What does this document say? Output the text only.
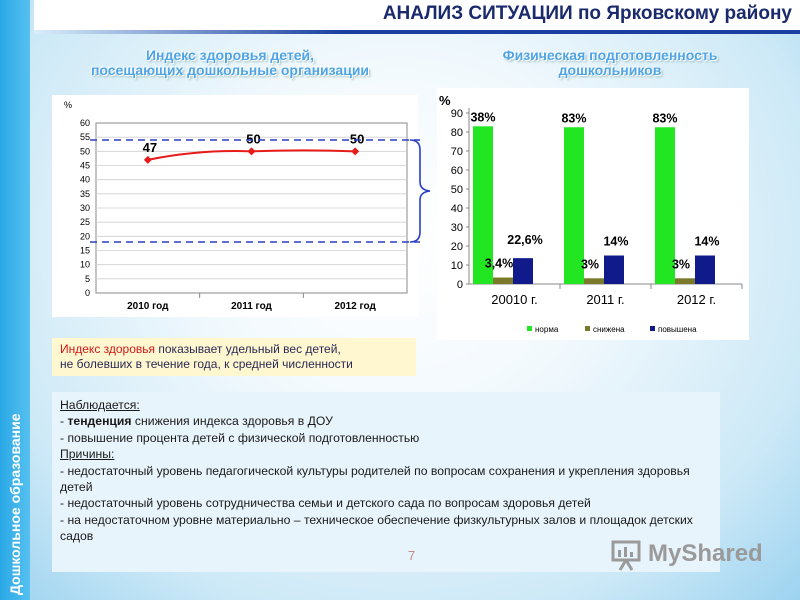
Дошкольное образование
АНАЛИЗ СИТУАЦИИ по Ярковскому району
Индекс здоровья детей,
посещающих дошкольные организации
Физическая подготовленность
дошкольников
%
0
5
10
15
20
25
30
35
40
45
50
55
60
2010 год	2011 год	2012 год
47
50	50
%
0
10
20
30
40
50
60
70
80
90
20010 г.	2011 г.	2012 г.
38%
3,4%
22,6%
83%
3%
14%
83%
3%
14%
норма	снижена	повышена
Индекс здоровья показывает удельный вес детей,
не болевших в течение года, к средней численности
Наблюдается:
- тенденция снижения индекса здоровья в ДОУ
- повышение процента детей с физической подготовленностью
Причины:
- недостаточный уровень педагогической культуры родителей по вопросам сохранения и укрепления здоровья детей
- недостаточный уровень сотрудничества семьи и детского сада по вопросам здоровья детей
- на недостаточном уровне материально – техническое обеспечение физкультурных залов и площадок детских садов
7	MyShared
